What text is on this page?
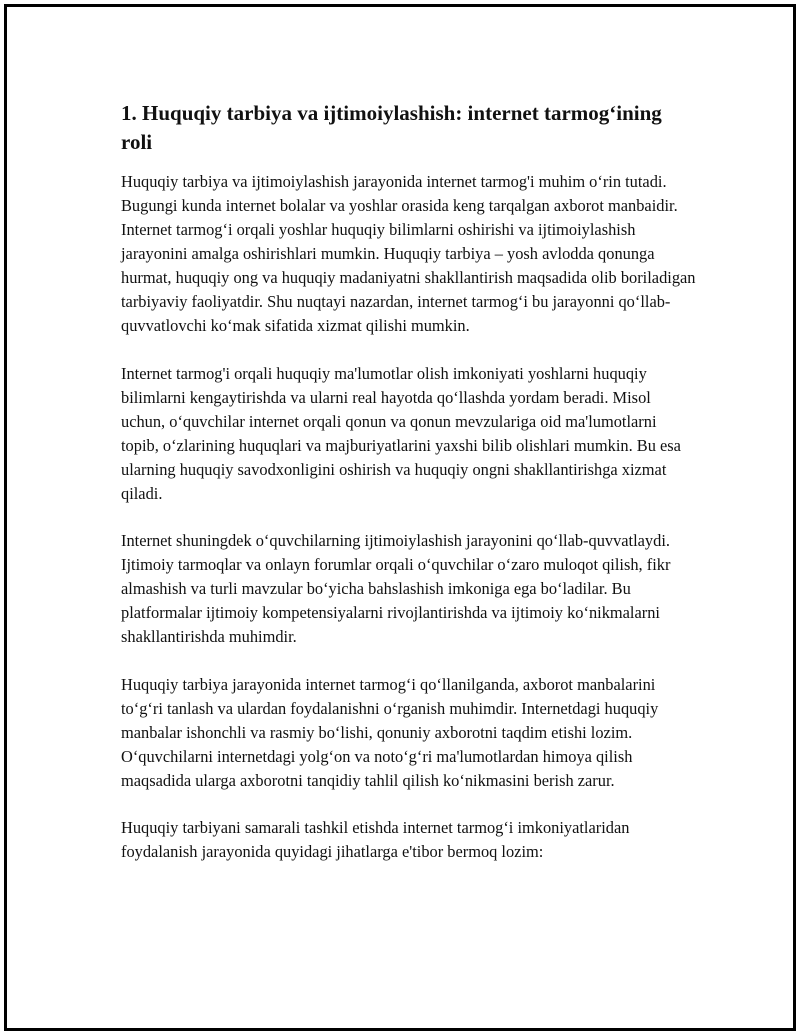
1. Huquqiy tarbiya va ijtimoiylashish: internet tarmog‘ining roli

Huquqiy tarbiya va ijtimoiylashish jarayonida internet tarmog'i muhim o‘rin tutadi. Bugungi kunda internet bolalar va yoshlar orasida keng tarqalgan axborot manbaidir. Internet tarmog‘i orqali yoshlar huquqiy bilimlarni oshirishi va ijtimoiylashish jarayonini amalga oshirishlari mumkin. Huquqiy tarbiya – yosh avlodda qonunga hurmat, huquqiy ong va huquqiy madaniyatni shakllantirish maqsadida olib boriladigan tarbiyaviy faoliyatdir. Shu nuqtayi nazardan, internet tarmog‘i bu jarayonni qo‘llab-quvvatlovchi ko‘mak sifatida xizmat qilishi mumkin.

Internet tarmog'i orqali huquqiy ma'lumotlar olish imkoniyati yoshlarni huquqiy bilimlarni kengaytirishda va ularni real hayotda qo‘llashda yordam beradi. Misol uchun, o‘quvchilar internet orqali qonun va qonun mevzulariga oid ma'lumotlarni topib, o‘zlarining huquqlari va majburiyatlarini yaxshi bilib olishlari mumkin. Bu esa ularning huquqiy savodxonligini oshirish va huquqiy ongni shakllantirishga xizmat qiladi.

Internet shuningdek o‘quvchilarning ijtimoiylashish jarayonini qo‘llab-quvvatlaydi. Ijtimoiy tarmoqlar va onlayn forumlar orqali o‘quvchilar o‘zaro muloqot qilish, fikr almashish va turli mavzular bo‘yicha bahslashish imkoniga ega bo‘ladilar. Bu platformalar ijtimoiy kompetensiyalarni rivojlantirishda va ijtimoiy ko‘nikmalarni shakllantirishda muhimdir.

Huquqiy tarbiya jarayonida internet tarmog‘i qo‘llanilganda, axborot manbalarini to‘g‘ri tanlash va ulardan foydalanishni o‘rganish muhimdir. Internetdagi huquqiy manbalar ishonchli va rasmiy bo‘lishi, qonuniy axborotni taqdim etishi lozim. O‘quvchilarni internetdagi yolg‘on va noto‘g‘ri ma'lumotlardan himoya qilish maqsadida ularga axborotni tanqidiy tahlil qilish ko‘nikmasini berish zarur.

Huquqiy tarbiyani samarali tashkil etishda internet tarmog‘i imkoniyatlaridan foydalanish jarayonida quyidagi jihatlarga e'tibor bermoq lozim:
